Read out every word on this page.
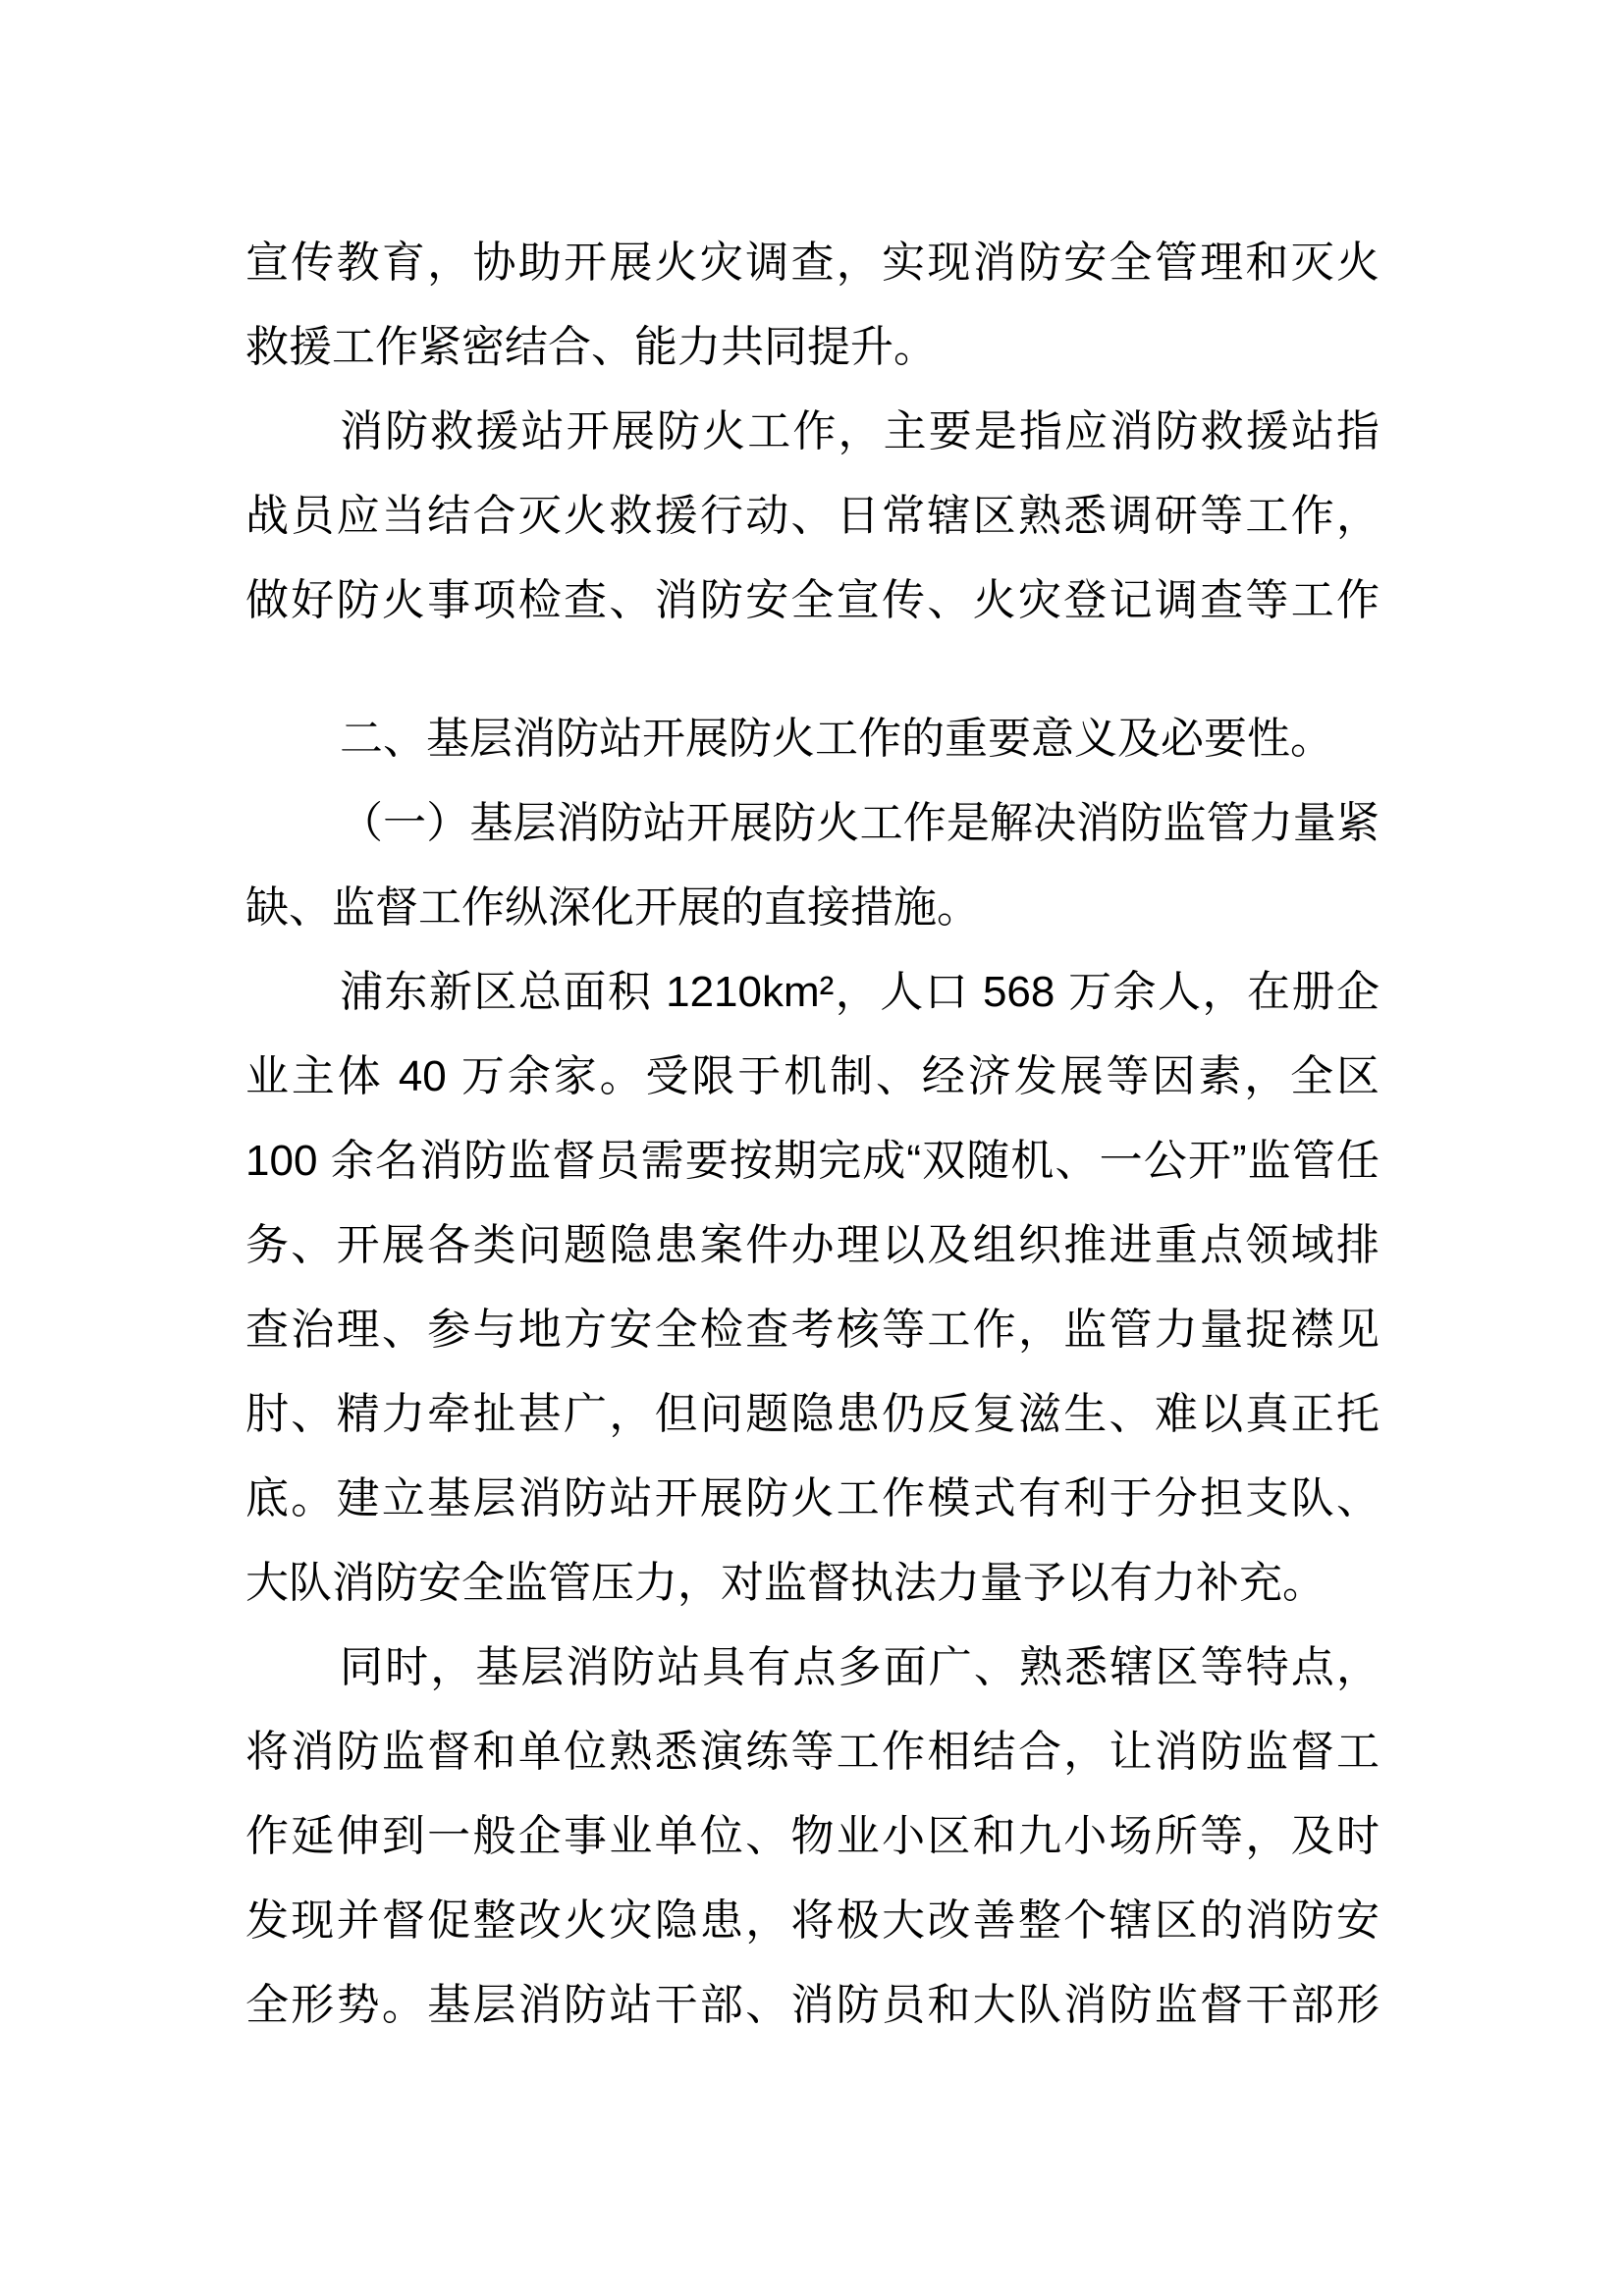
宣传教育，协助开展火灾调查，实现消防安全管理和灭火
救援工作紧密结合、能力共同提升。
消防救援站开展防火工作，主要是指应消防救援站指
战员应当结合灭火救援行动、日常辖区熟悉调研等工作，
做好防火事项检查、消防安全宣传、火灾登记调查等工作
二、基层消防站开展防火工作的重要意义及必要性。
（一）基层消防站开展防火工作是解决消防监管力量紧
缺、监督工作纵深化开展的直接措施。
浦东新区总面积 1210km²，人口 568 万余人，在册企
业主体 40 万余家。受限于机制、经济发展等因素，全区
100 余名消防监督员需要按期完成“双随机、一公开”监管任
务、开展各类问题隐患案件办理以及组织推进重点领域排
查治理、参与地方安全检查考核等工作，监管力量捉襟见
肘、精力牵扯甚广，但问题隐患仍反复滋生、难以真正托
底。建立基层消防站开展防火工作模式有利于分担支队、
大队消防安全监管压力，对监督执法力量予以有力补充。
同时，基层消防站具有点多面广、熟悉辖区等特点，
将消防监督和单位熟悉演练等工作相结合，让消防监督工
作延伸到一般企事业单位、物业小区和九小场所等，及时
发现并督促整改火灾隐患，将极大改善整个辖区的消防安
全形势。基层消防站干部、消防员和大队消防监督干部形
